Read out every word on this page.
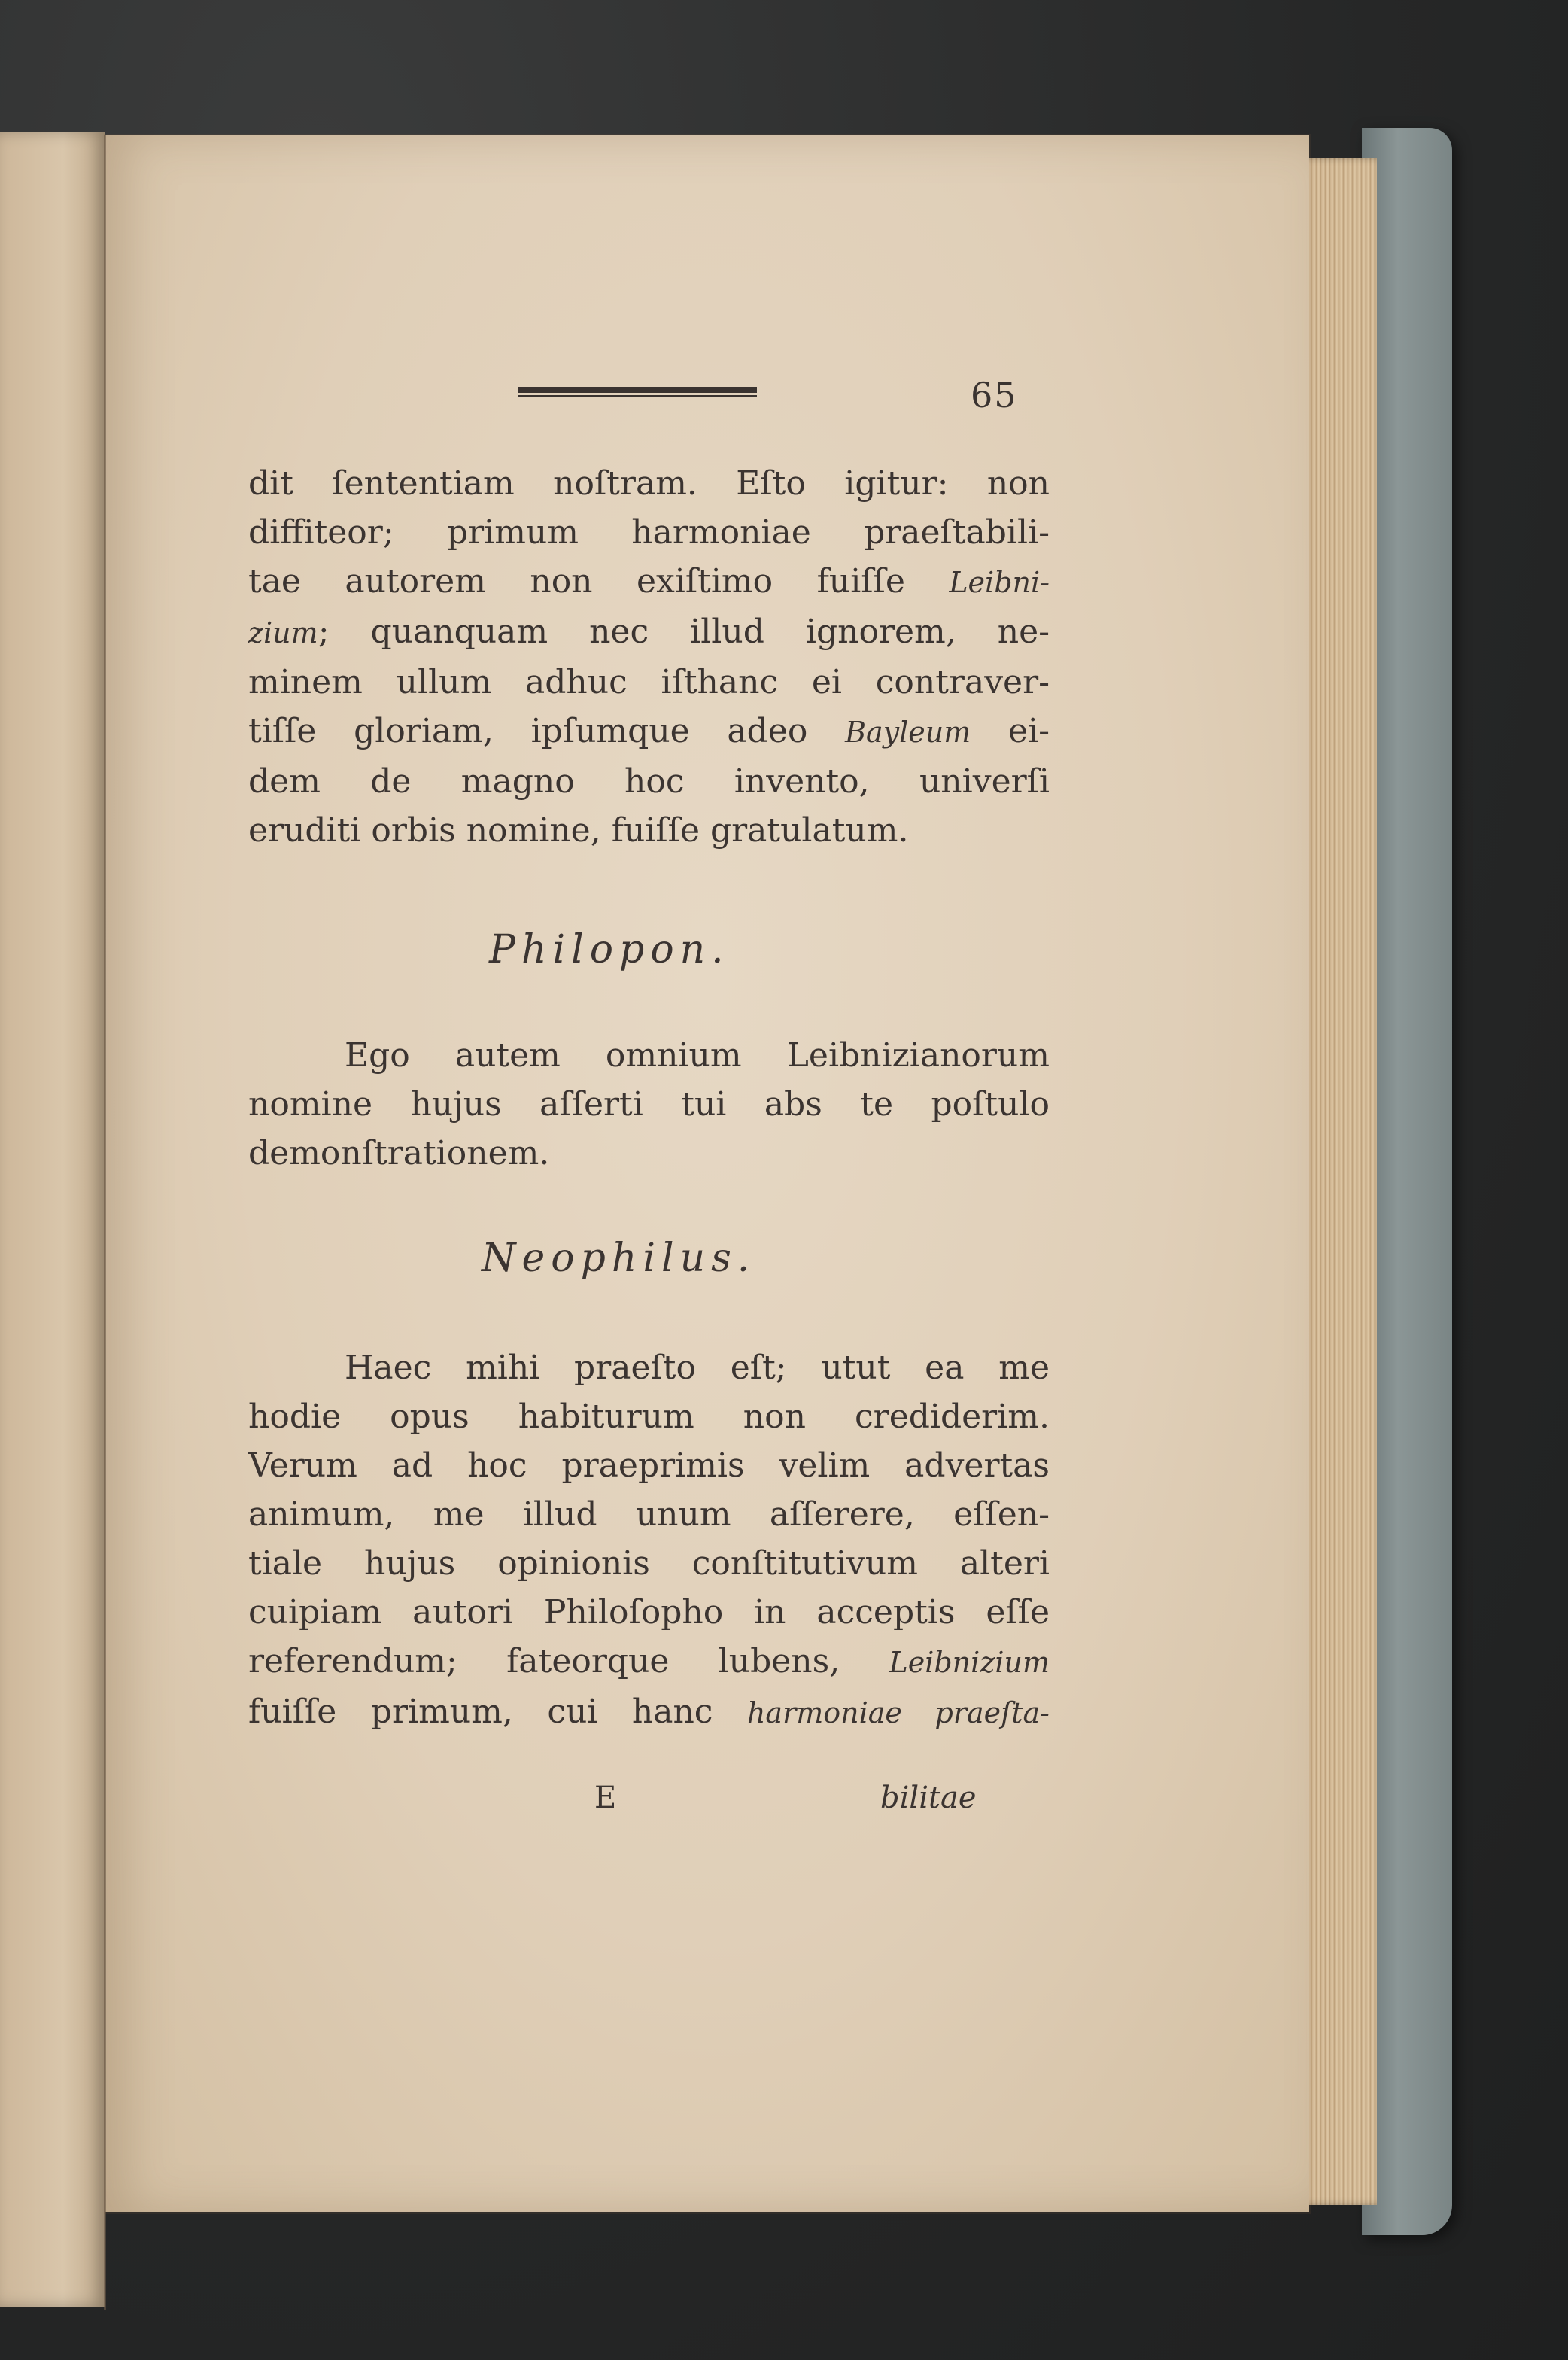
65
dit ſententiam noſtram. Eſto igitur: non
diffiteor; primum harmoniae praeſtabili-
tae autorem non exiſtimo fuiſſe Leibni-
zium; quanquam nec illud ignorem, ne-
minem ullum adhuc iſthanc ei contraver-
tiſſe gloriam, ipſumque adeo Bayleum ei-
dem de magno hoc invento, univerſi
eruditi orbis nomine, fuiſſe gratulatum.
Philopon.
Ego autem omnium Leibnizianorum
nomine hujus aſſerti tui abs te poſtulo
demonſtrationem.
Neophilus.
Haec mihi praeſto eſt; utut ea me
hodie opus habiturum non crediderim.
Verum ad hoc praeprimis velim advertas
animum, me illud unum aſſerere, eſſen-
tiale hujus opinionis conſtitutivum alteri
cuipiam autori Philoſopho in acceptis eſſe
referendum; fateorque lubens, Leibnizium
fuiſſe primum, cui hanc harmoniae praeſta-
E	bilitae
